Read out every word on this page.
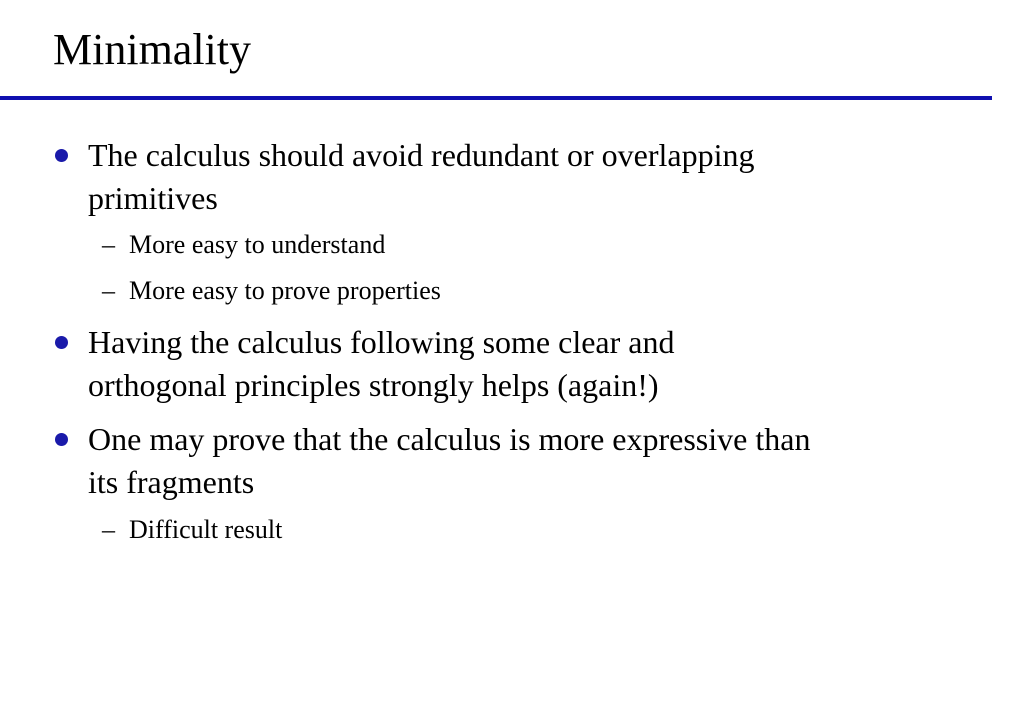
Minimality

The calculus should avoid redundant or overlapping
primitives

– More easy to understand

– More easy to prove properties

Having the calculus following some clear and
orthogonal principles strongly helps (again!)

One may prove that the calculus is more expressive than
its fragments

– Difficult result
